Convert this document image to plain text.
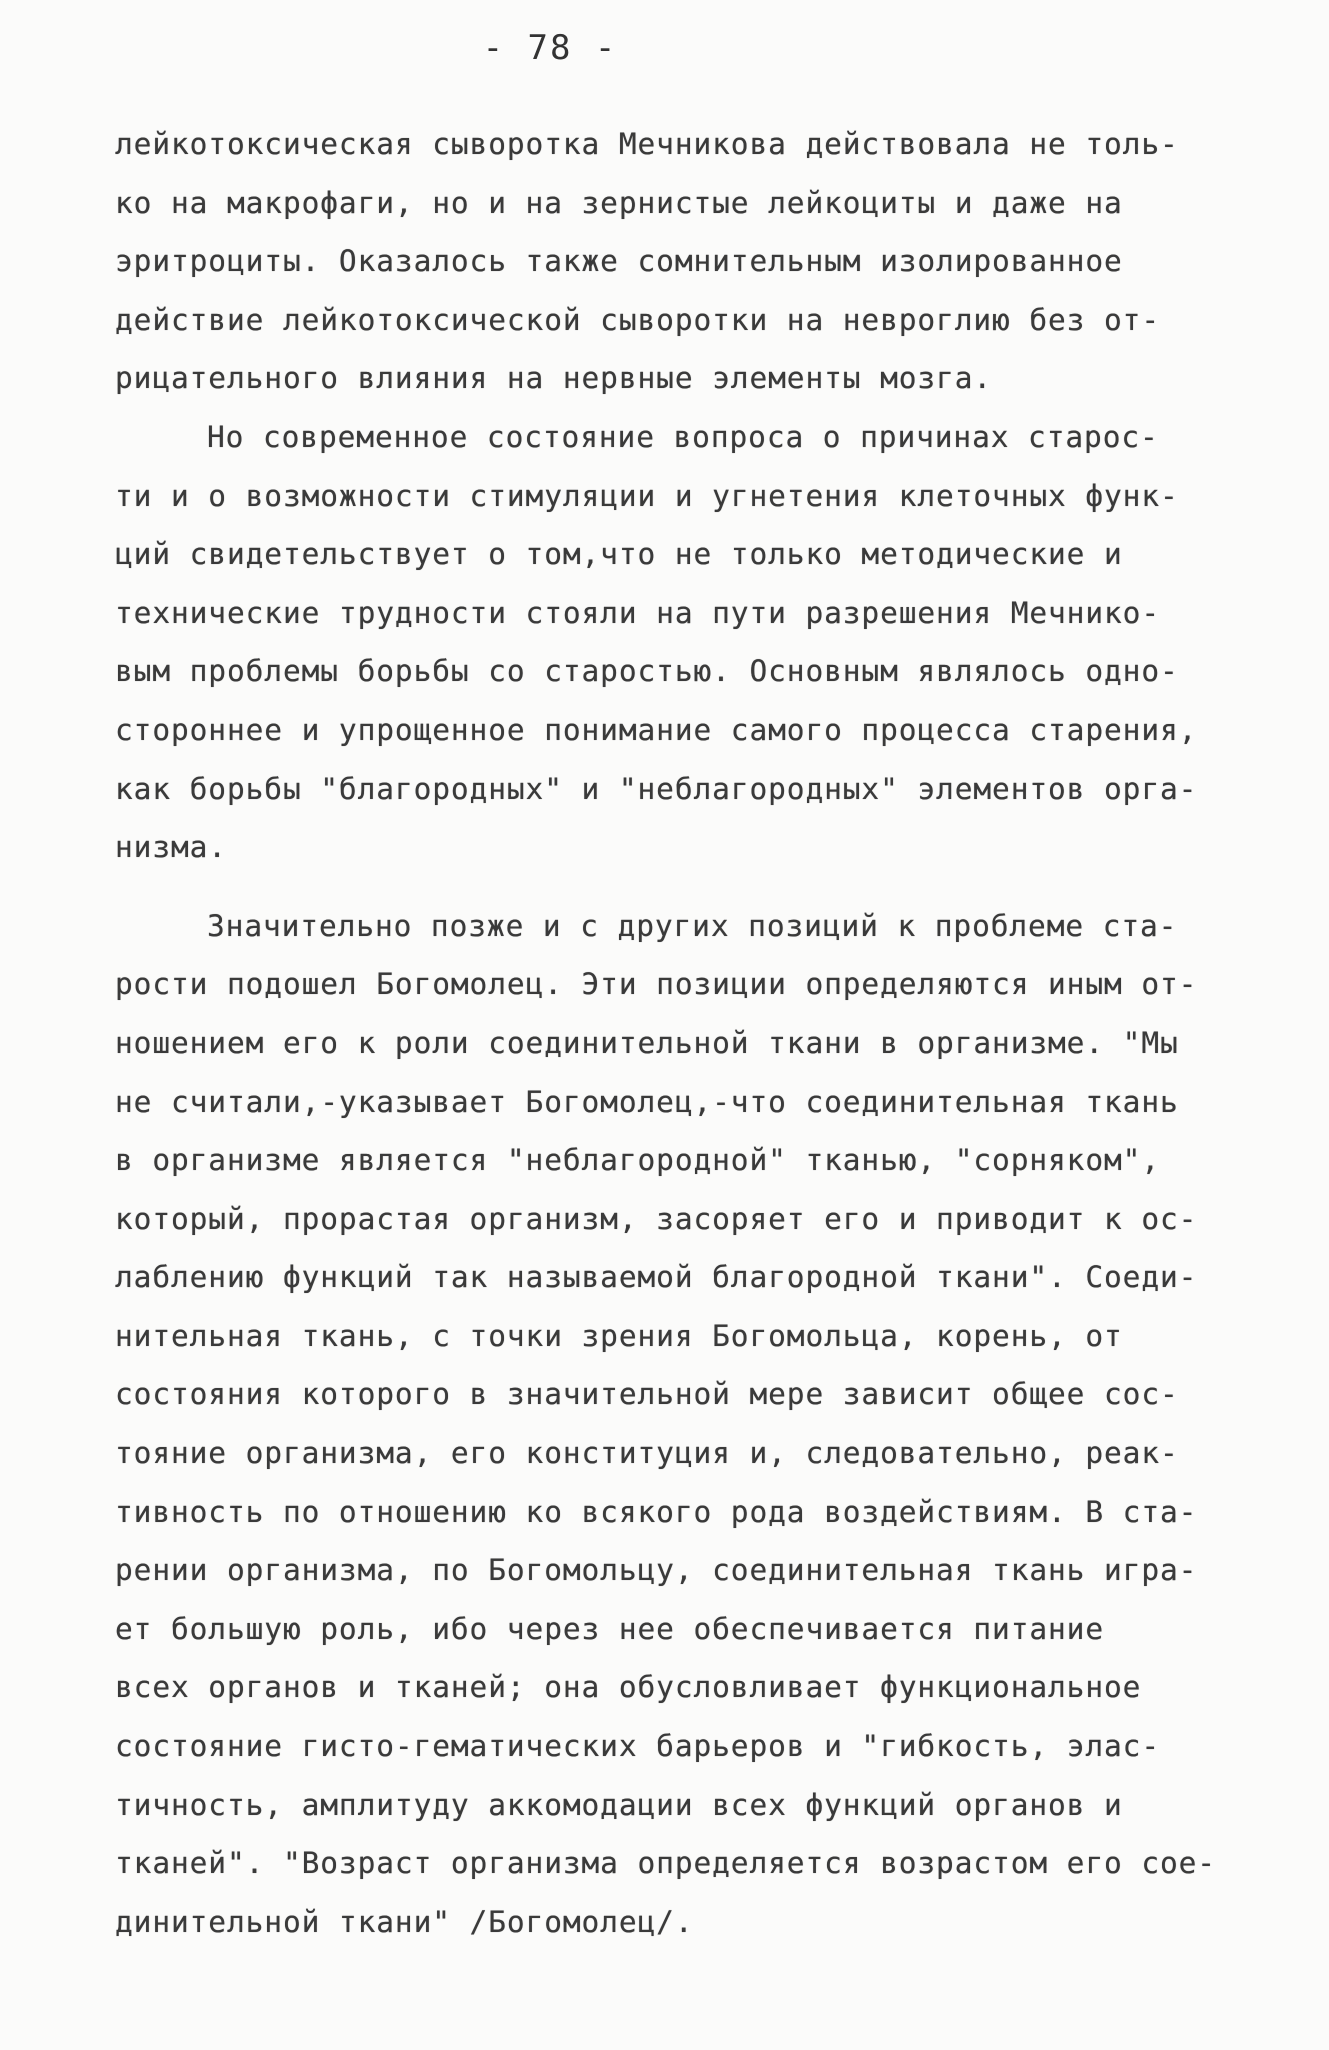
- 78 -
лейкотоксическая сыворотка Мечникова действовала не толь-
ко на макрофаги, но и на зернистые лейкоциты и даже на
эритроциты. Оказалось также сомнительным изолированное
действие лейкотоксической сыворотки на невроглию без от-
рицательного влияния на нервные элементы мозга.
Но современное состояние вопроса о причинах старос-
ти и о возможности стимуляции и угнетения клеточных функ-
ций свидетельствует о том,что не только методические и
технические трудности стояли на пути разрешения Мечнико-
вым проблемы борьбы со старостью. Основным являлось одно-
стороннее и упрощенное понимание самого процесса старения,
как борьбы "благородных" и "неблагородных" элементов орга-
низма.
Значительно позже и с других позиций к проблеме ста-
рости подошел Богомолец. Эти позиции определяются иным от-
ношением его к роли соединительной ткани в организме. "Мы
не считали,-указывает Богомолец,-что соединительная ткань
в организме является "неблагородной" тканью, "сорняком",
который, прорастая организм, засоряет его и приводит к ос-
лаблению функций так называемой благородной ткани". Соеди-
нительная ткань, с точки зрения Богомольца, корень, от
состояния которого в значительной мере зависит общее сос-
тояние организма, его конституция и, следовательно, реак-
тивность по отношению ко всякого рода воздействиям. В ста-
рении организма, по Богомольцу, соединительная ткань игра-
ет большую роль, ибо через нее обеспечивается питание
всех органов и тканей; она обусловливает функциональное
состояние гисто-гематических барьеров и "гибкость, элас-
тичность, амплитуду аккомодации всех функций органов и
тканей". "Возраст организма определяется возрастом его сое-
динительной ткани" /Богомолец/.
